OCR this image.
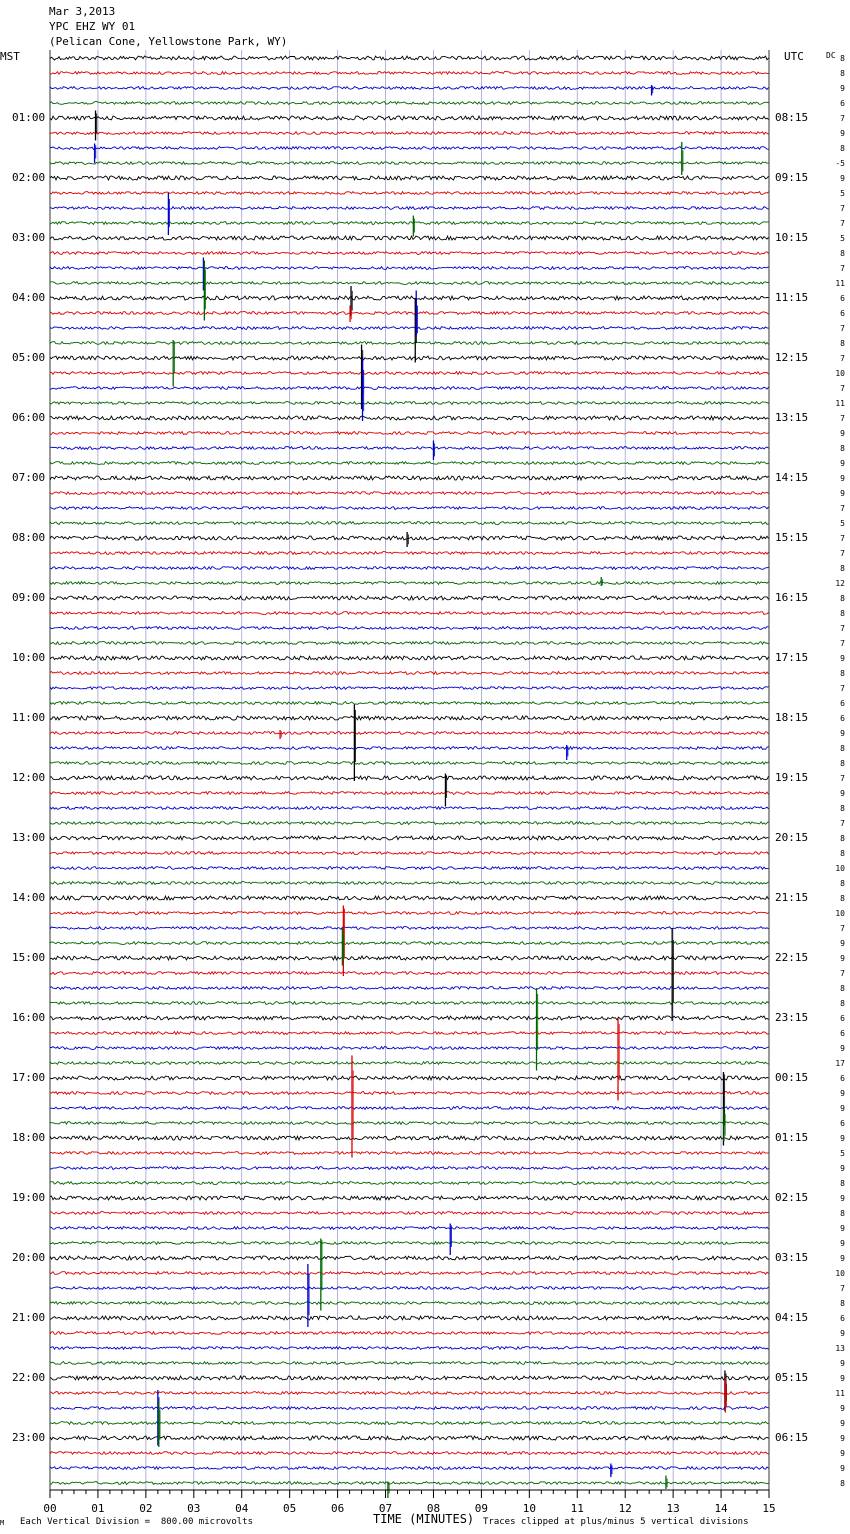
Mar 3,2013
YPC EHZ WY 01
(Pelican Cone, Yellowstone Park, WY)
MST	UTC	DC
01:00
02:00
03:00
04:00
05:00
06:00
07:00
08:00
09:00
10:00
11:00
12:00
13:00
14:00
15:00
16:00
17:00
18:00
19:00
20:00
21:00
22:00
23:00
08:15
09:15
10:15
11:15
12:15
13:15
14:15
15:15
16:15
17:15
18:15
19:15
20:15
21:15
22:15
23:15
00:15
01:15
02:15
03:15
04:15
05:15
06:15
8
8
9
6
7
9
8
-5
9
5
7
7
5
8
7
11
6
6
7
8
7
10
7
11
7
9
8
9
9
9
7
5
7
7
8
12
8
8
7
7
9
8
7
6
6
9
8
8
7
9
8
7
8
8
10
8
8
10
7
9
9
7
8
8
6
6
9
17
6
9
9
6
9
5
9
8
9
8
9
9
9
10
7
8
6
9
13
9
9
11
9
9
9
9
9
8
00	01	02	03	04	05	06	07	08	09	10	11	12	13	14	15
TIME (MINUTES)
M Each Vertical Division =  800.00 microvolts	Traces clipped at plus/minus 5 vertical divisions
